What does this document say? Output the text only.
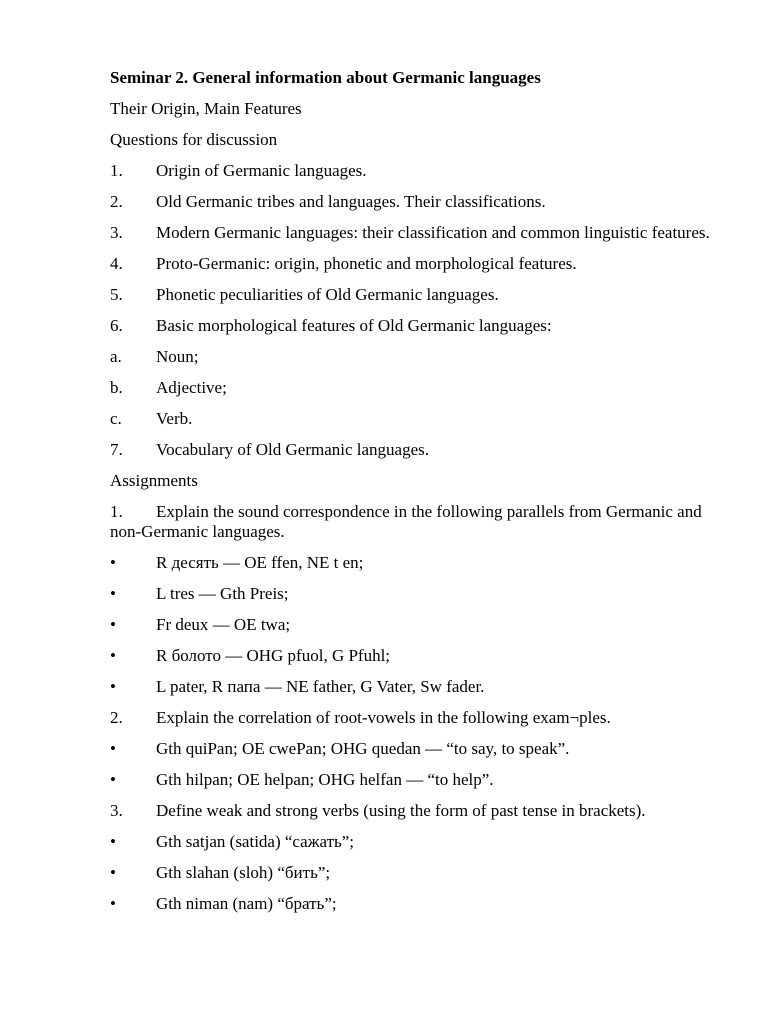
Seminar 2. General information about Germanic languages
Their Origin, Main Features
Questions for discussion
1. Origin of Germanic languages.
2. Old Germanic tribes and languages. Their classifications.
3. Modern Germanic languages: their classification and common linguistic features.
4. Proto-Germanic: origin, phonetic and morphological features.
5. Phonetic peculiarities of Old Germanic languages.
6. Basic morphological features of Old Germanic languages:
a. Noun;
b. Adjective;
c. Verb.
7. Vocabulary of Old Germanic languages.
Assignments
1. Explain the sound correspondence in the following parallels from Germanic and non-Germanic languages.
• R десять — OE ffen, NE t en;
• L tres — Gth Preis;
• Fr deux — OE twa;
• R болото — OHG pfuol, G Pfuhl;
• L pater, R папа — NE father, G Vater, Sw fader.
2. Explain the correlation of root-vowels in the following exam¬ples.
• Gth quiPan; OE cwePan; OHG quedan — “to say, to speak”.
• Gth hilpan; OE helpan; OHG helfan — “to help”.
3. Define weak and strong verbs (using the form of past tense in brackets).
• Gth satjan (satida) “сажать”;
• Gth slahan (sloh) “бить”;
• Gth niman (nam) “брать”;
